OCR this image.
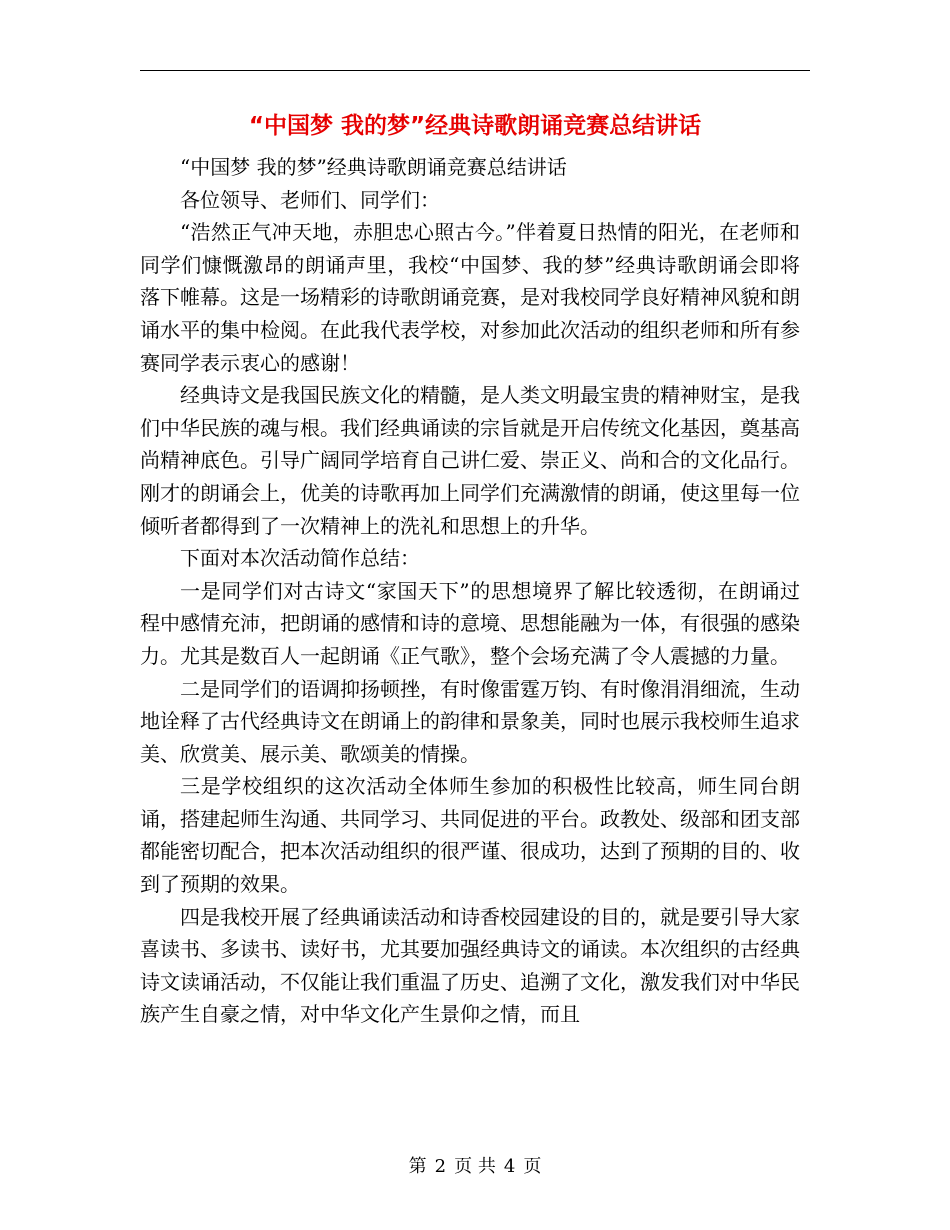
“中国梦 我的梦”经典诗歌朗诵竞赛总结讲话

“中国梦 我的梦”经典诗歌朗诵竞赛总结讲话

各位领导、老师们、同学们：

“浩然正气冲天地，赤胆忠心照古今。”伴着夏日热情的阳光，在老师和同学们慷慨激昂的朗诵声里，我校“中国梦、我的梦”经典诗歌朗诵会即将落下帷幕。这是一场精彩的诗歌朗诵竞赛，是对我校同学良好精神风貌和朗诵水平的集中检阅。在此我代表学校，对参加此次活动的组织老师和所有参赛同学表示衷心的感谢！

经典诗文是我国民族文化的精髓，是人类文明最宝贵的精神财宝，是我们中华民族的魂与根。我们经典诵读的宗旨就是开启传统文化基因，奠基高尚精神底色。引导广阔同学培育自己讲仁爱、崇正义、尚和合的文化品行。刚才的朗诵会上，优美的诗歌再加上同学们充满激情的朗诵，使这里每一位倾听者都得到了一次精神上的洗礼和思想上的升华。

下面对本次活动简作总结：

一是同学们对古诗文“家国天下”的思想境界了解比较透彻，在朗诵过程中感情充沛，把朗诵的感情和诗的意境、思想能融为一体，有很强的感染力。尤其是数百人一起朗诵《正气歌》，整个会场充满了令人震撼的力量。

二是同学们的语调抑扬顿挫，有时像雷霆万钧、有时像涓涓细流，生动地诠释了古代经典诗文在朗诵上的韵律和景象美，同时也展示我校师生追求美、欣赏美、展示美、歌颂美的情操。

三是学校组织的这次活动全体师生参加的积极性比较高，师生同台朗诵，搭建起师生沟通、共同学习、共同促进的平台。政教处、级部和团支部都能密切配合，把本次活动组织的很严谨、很成功，达到了预期的目的、收到了预期的效果。

四是我校开展了经典诵读活动和诗香校园建设的目的，就是要引导大家喜读书、多读书、读好书，尤其要加强经典诗文的诵读。本次组织的古经典诗文读诵活动，不仅能让我们重温了历史、追溯了文化，激发我们对中华民族产生自豪之情，对中华文化产生景仰之情，而且

第 2 页 共 4 页
